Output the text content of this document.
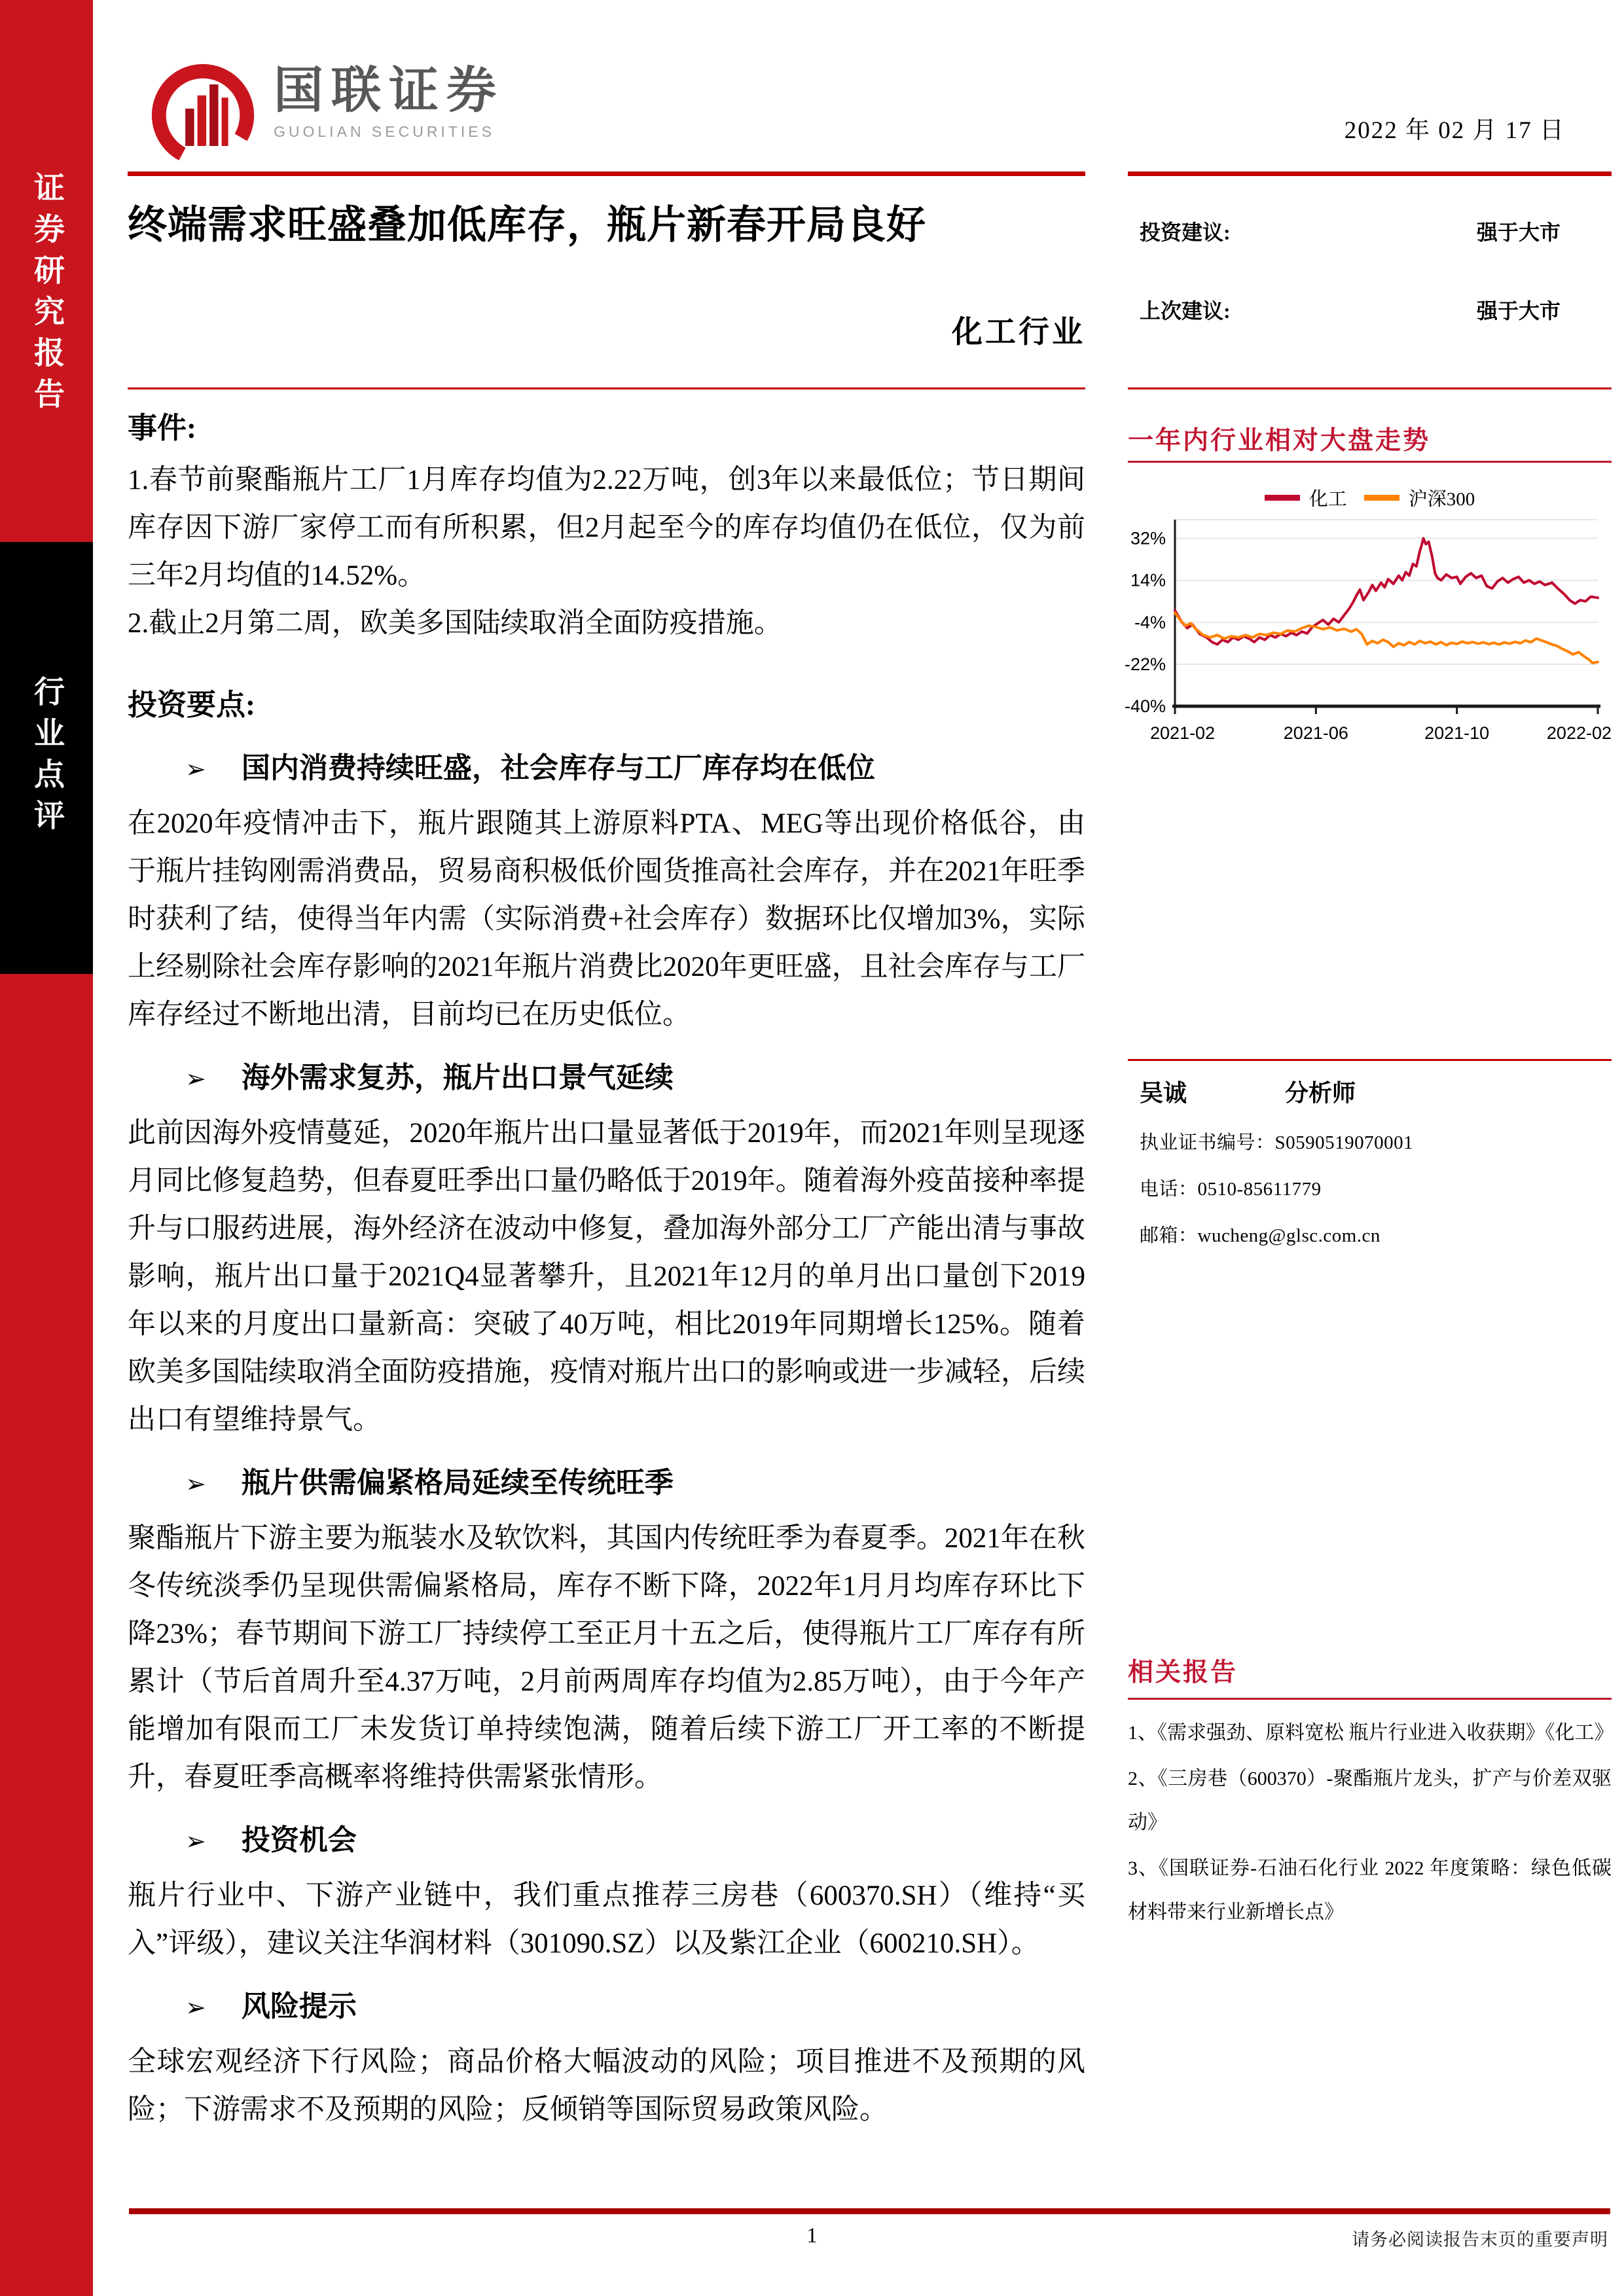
证券研究报告
行业点评
国联证券
GUOLIAN SECURITIES	2022 年 02 月 17 日
终端需求旺盛叠加低库存，瓶片新春开局良好
化工行业
投资建议:	强于大市
上次建议:	强于大市
事件:

1.春节前聚酯瓶片工厂1月库存均值为2.22万吨，创3年以来最低位；节日期间库存因下游厂家停工而有所积累，但2月起至今的库存均值仍在低位，仅为前三年2月均值的14.52%。

2.截止2月第二周，欧美多国陆续取消全面防疫措施。

投资要点:
➢ 国内消费持续旺盛，社会库存与工厂库存均在低位

在2020年疫情冲击下，瓶片跟随其上游原料PTA、MEG等出现价格低谷，由于瓶片挂钩刚需消费品，贸易商积极低价囤货推高社会库存，并在2021年旺季时获利了结，使得当年内需（实际消费+社会库存）数据环比仅增加3%，实际上经剔除社会库存影响的2021年瓶片消费比2020年更旺盛，且社会库存与工厂库存经过不断地出清，目前均已在历史低位。

➢ 海外需求复苏，瓶片出口景气延续

此前因海外疫情蔓延，2020年瓶片出口量显著低于2019年，而2021年则呈现逐月同比修复趋势，但春夏旺季出口量仍略低于2019年。随着海外疫苗接种率提升与口服药进展，海外经济在波动中修复，叠加海外部分工厂产能出清与事故影响，瓶片出口量于2021Q4显著攀升，且2021年12月的单月出口量创下2019年以来的月度出口量新高：突破了40万吨，相比2019年同期增长125%。随着欧美多国陆续取消全面防疫措施，疫情对瓶片出口的影响或进一步减轻，后续出口有望维持景气。

➢ 瓶片供需偏紧格局延续至传统旺季

聚酯瓶片下游主要为瓶装水及软饮料，其国内传统旺季为春夏季。2021年在秋冬传统淡季仍呈现供需偏紧格局，库存不断下降，2022年1月月均库存环比下降23%；春节期间下游工厂持续停工至正月十五之后，使得瓶片工厂库存有所累计（节后首周升至4.37万吨，2月前两周库存均值为2.85万吨），由于今年产能增加有限而工厂未发货订单持续饱满，随着后续下游工厂开工率的不断提升，春夏旺季高概率将维持供需紧张情形。

➢ 投资机会

瓶片行业中、下游产业链中，我们重点推荐三房巷（600370.SH）（维持“买入”评级），建议关注华润材料（301090.SZ）以及紫江企业（600210.SH）。

➢ 风险提示

全球宏观经济下行风险；商品价格大幅波动的风险；项目推进不及预期的风险；下游需求不及预期的风险；反倾销等国际贸易政策风险。

一年内行业相对大盘走势
化工	沪深300
32%
14%
-4%
-22%
-40%
2021-02	2021-06	2021-10	2022-02
吴诚	分析师
执业证书编号：S0590519070001
电话：0510-85611779
邮箱：wucheng@glsc.com.cn
相关报告

1、《需求强劲、原料宽松 瓶片行业进入收获期》《化工》

2、《三房巷（600370）-聚酯瓶片龙头，扩产与价差双驱动》

3、《国联证券-石油石化行业 2022 年度策略：绿色低碳材料带来行业新增长点》

1	请务必阅读报告末页的重要声明
